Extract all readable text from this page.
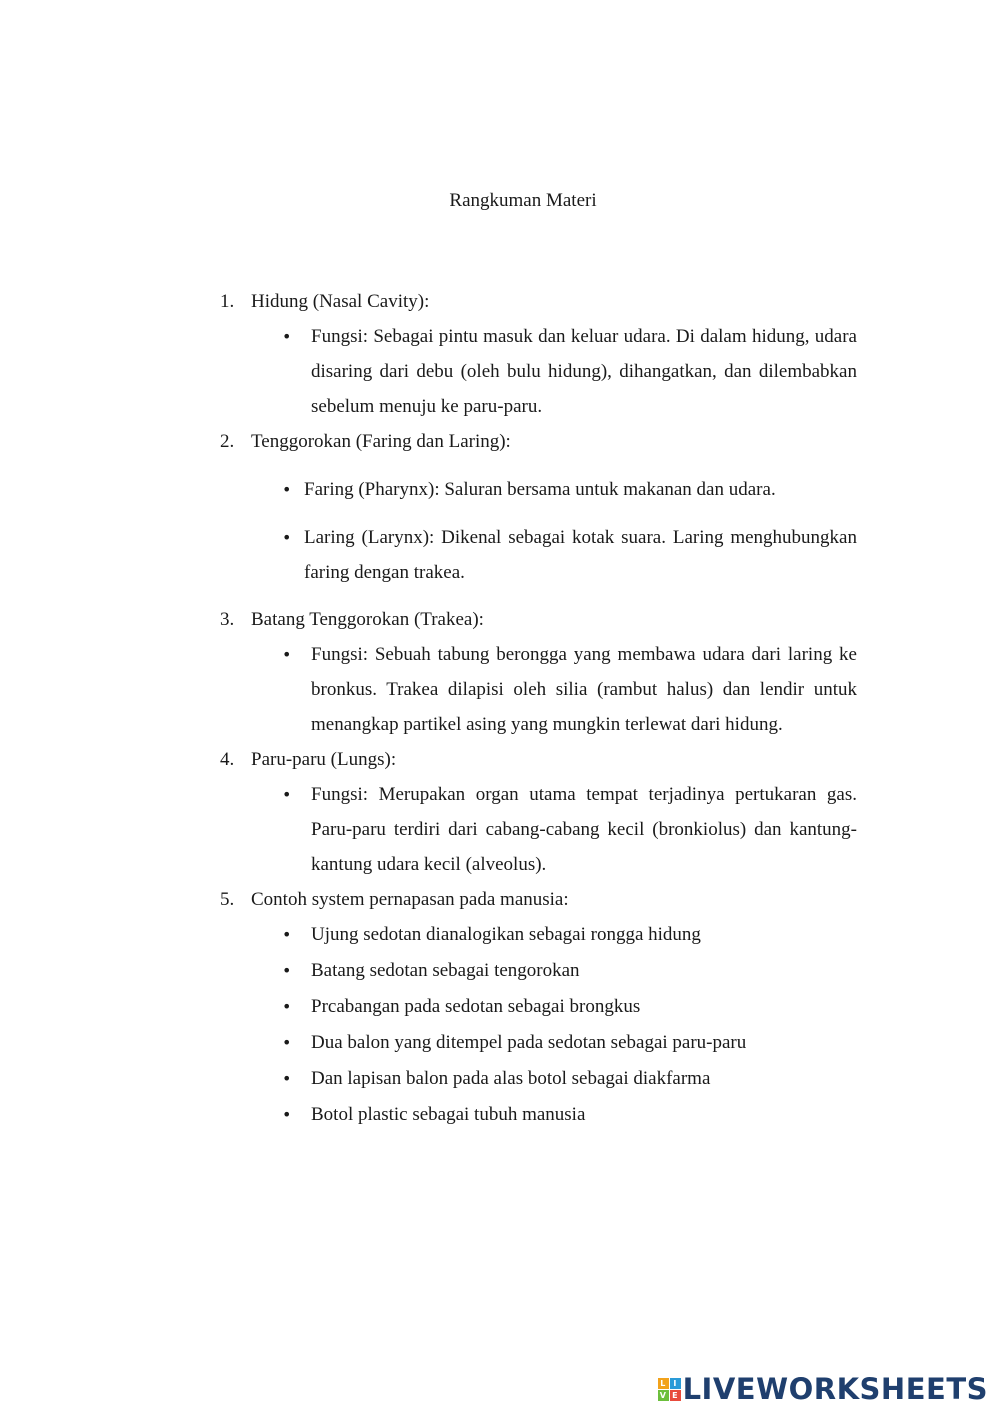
Rangkuman Materi
1. Hidung (Nasal Cavity):
•
Fungsi: Sebagai pintu masuk dan keluar udara. Di dalam hidung, udara disaring dari debu (oleh bulu hidung), dihangatkan, dan dilembabkan sebelum menuju ke paru-paru.
2. Tenggorokan (Faring dan Laring):
•
Faring (Pharynx): Saluran bersama untuk makanan dan udara.
•
Laring (Larynx): Dikenal sebagai kotak suara. Laring menghubungkan faring dengan trakea.
3. Batang Tenggorokan (Trakea):
•
Fungsi: Sebuah tabung berongga yang membawa udara dari laring ke bronkus. Trakea dilapisi oleh silia (rambut halus) dan lendir untuk menangkap partikel asing yang mungkin terlewat dari hidung.
4. Paru-paru (Lungs):
•
Fungsi: Merupakan organ utama tempat terjadinya pertukaran gas. Paru-paru terdiri dari cabang-cabang kecil (bronkiolus) dan kantung-kantung udara kecil (alveolus).
5. Contoh system pernapasan pada manusia:
•
Ujung sedotan dianalogikan sebagai rongga hidung
•
Batang sedotan sebagai tengorokan
•
Prcabangan pada sedotan sebagai brongkus
•
Dua balon yang ditempel pada sedotan sebagai paru-paru
•
Dan lapisan balon pada alas botol sebagai diakfarma
•
Botol plastic sebagai tubuh manusia
L I
V E LIVEWORKSHEETS
